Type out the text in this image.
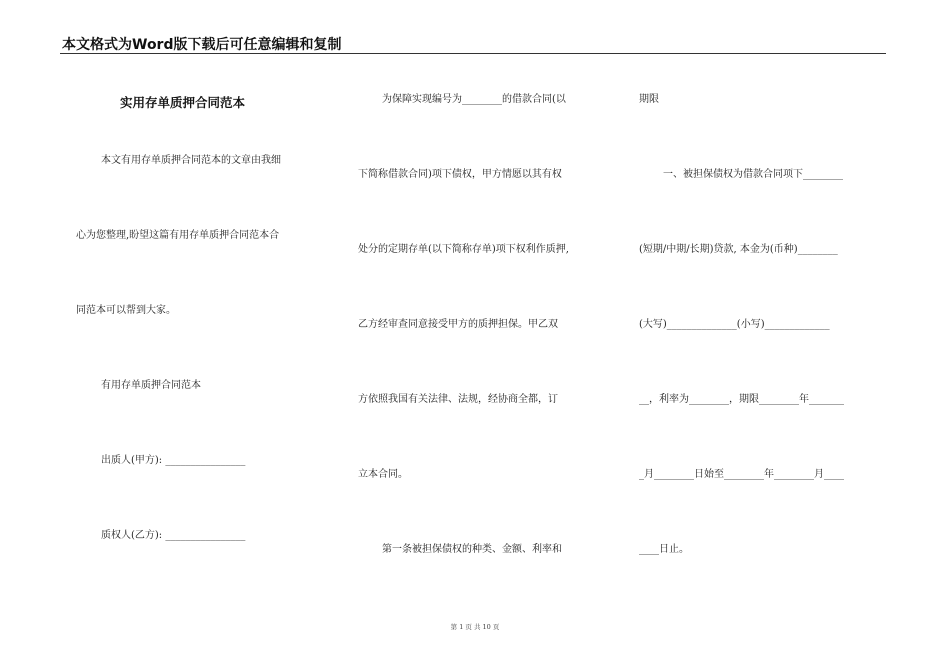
本文格式为Word版下载后可任意编辑和复制
实用存单质押合同范本
本文有用存单质押合同范本的文章由我细
心为您整理,盼望这篇有用存单质押合同范本合
同范本可以帮到大家。
有用存单质押合同范本
出质人(甲方): ________________
质权人(乙方): ________________
为保障实现编号为________的借款合同(以
下简称借款合同)项下债权，甲方情愿以其有权
处分的定期存单(以下简称存单)项下权利作质押,
乙方经审查同意接受甲方的质押担保。甲乙双
方依照我国有关法律、法规，经协商全都，订
立本合同。
第一条被担保债权的种类、金额、利率和
期限
一、被担保债权为借款合同项下________
(短期/中期/长期)贷款, 本金为(币种)________
(大写)______________(小写)_____________
__，利率为________，期限________年_______
_月________日始至________年________月____
____日止。
第 1 页 共 10 页
